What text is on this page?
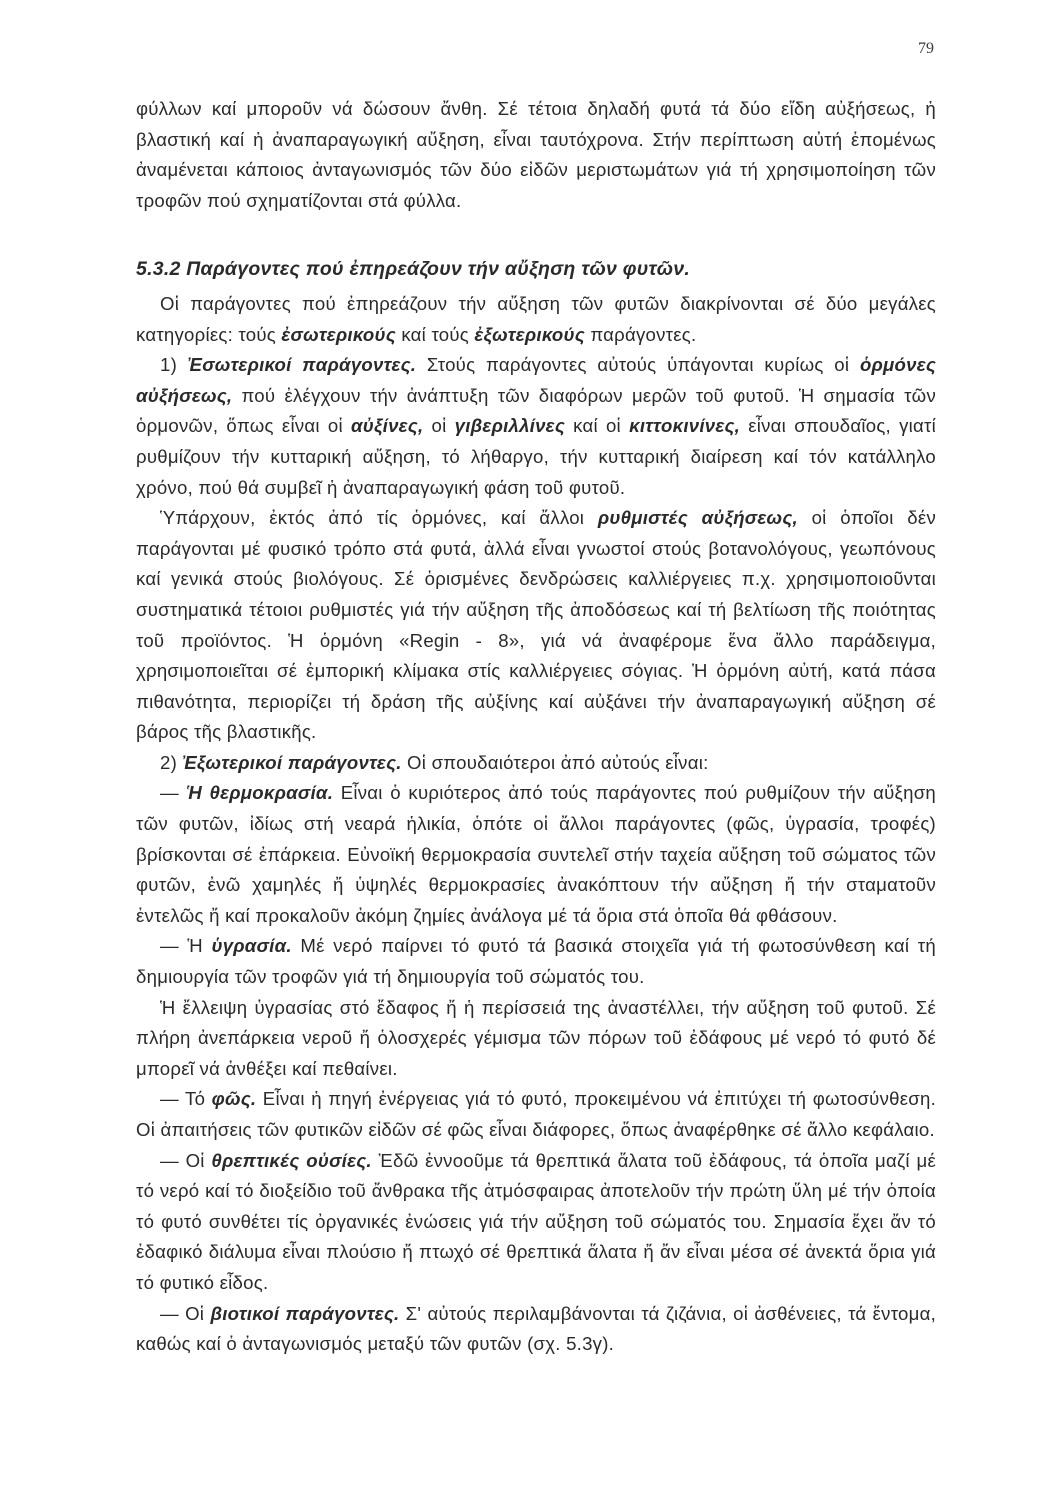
79

φύλλων καί μποροῦν νά δώσουν ἄνθη. Σέ τέτοια δηλαδή φυτά τά δύο εἴδη αὐξήσεως, ἡ βλαστική καί ἡ ἀναπαραγωγική αὔξηση, εἶναι ταυτόχρονα. Στήν περίπτωση αὐτή ἑπομένως ἀναμένεται κάποιος ἀνταγωνισμός τῶν δύο εἰδῶν μεριστωμάτων γιά τή χρησιμοποίηση τῶν τροφῶν πού σχηματίζονται στά φύλλα.

5.3.2 Παράγοντες πού ἐπηρεάζουν τήν αὔξηση τῶν φυτῶν.

Οἱ παράγοντες πού ἐπηρεάζουν τήν αὔξηση τῶν φυτῶν διακρίνονται σέ δύο μεγάλες κατηγορίες: τούς ἐσωτερικούς καί τούς ἐξωτερικούς παράγοντες.

1) Ἐσωτερικοί παράγοντες. Στούς παράγοντες αὐτούς ὑπάγονται κυρίως οἱ ὁρμόνες αὐξήσεως, πού ἐλέγχουν τήν ἀνάπτυξη τῶν διαφόρων μερῶν τοῦ φυτοῦ. Ἡ σημασία τῶν ὁρμονῶν, ὅπως εἶναι οἱ αὐξίνες, οἱ γιβεριλλίνες καί οἱ κιττοκινίνες, εἶναι σπουδαῖος, γιατί ρυθμίζουν τήν κυτταρική αὔξηση, τό λήθαργο, τήν κυτταρική διαίρεση καί τόν κατάλληλο χρόνο, πού θά συμβεῖ ἡ ἀναπαραγωγική φάση τοῦ φυτοῦ.

Ὑπάρχουν, ἐκτός ἀπό τίς ὁρμόνες, καί ἄλλοι ρυθμιστές αὐξήσεως, οἱ ὁποῖοι δέν παράγονται μέ φυσικό τρόπο στά φυτά, ἀλλά εἶναι γνωστοί στούς βοτανολόγους, γεωπόνους καί γενικά στούς βιολόγους. Σέ ὁρισμένες δενδρώσεις καλλιέργειες π.χ. χρησιμοποιοῦνται συστηματικά τέτοιοι ρυθμιστές γιά τήν αὔξηση τῆς ἀποδόσεως καί τή βελτίωση τῆς ποιότητας τοῦ προϊόντος. Ἡ ὁρμόνη «Regin - 8», γιά νά ἀναφέρομε ἕνα ἄλλο παράδειγμα, χρησιμοποιεῖται σέ ἐμπορική κλίμακα στίς καλλιέργειες σόγιας. Ἡ ὁρμόνη αὐτή, κατά πάσα πιθανότητα, περιορίζει τή δράση τῆς αὐξίνης καί αὐξάνει τήν ἀναπαραγωγική αὔξηση σέ βάρος τῆς βλαστικῆς.

2) Ἐξωτερικοί παράγοντες. Οἱ σπουδαιότεροι ἀπό αὐτούς εἶναι:

— Ἡ θερμοκρασία. Εἶναι ὁ κυριότερος ἀπό τούς παράγοντες πού ρυθμίζουν τήν αὔξηση τῶν φυτῶν, ἰδίως στή νεαρά ἡλικία, ὁπότε οἱ ἄλλοι παράγοντες (φῶς, ὑγρασία, τροφές) βρίσκονται σέ ἐπάρκεια. Εὐνοϊκή θερμοκρασία συντελεῖ στήν ταχεία αὔξηση τοῦ σώματος τῶν φυτῶν, ἐνῶ χαμηλές ἤ ὑψηλές θερμοκρασίες ἀνακόπτουν τήν αὔξηση ἤ τήν σταματοῦν ἐντελῶς ἤ καί προκαλοῦν ἀκόμη ζημίες ἀνάλογα μέ τά ὅρια στά ὁποῖα θά φθάσουν.

— Ἡ ὑγρασία. Μέ νερό παίρνει τό φυτό τά βασικά στοιχεῖα γιά τή φωτοσύνθεση καί τή δημιουργία τῶν τροφῶν γιά τή δημιουργία τοῦ σώματός του.

Ἡ ἔλλειψη ὑγρασίας στό ἔδαφος ἤ ἡ περίσσειά της ἀναστέλλει, τήν αὔξηση τοῦ φυτοῦ. Σέ πλήρη ἀνεπάρκεια νεροῦ ἤ ὁλοσχερές γέμισμα τῶν πόρων τοῦ ἐδάφους μέ νερό τό φυτό δέ μπορεῖ νά ἀνθέξει καί πεθαίνει.

— Τό φῶς. Εἶναι ἡ πηγή ἐνέργειας γιά τό φυτό, προκειμένου νά ἐπιτύχει τή φωτοσύνθεση. Οἱ ἀπαιτήσεις τῶν φυτικῶν εἰδῶν σέ φῶς εἶναι διάφορες, ὅπως ἀναφέρθηκε σέ ἄλλο κεφάλαιο.

— Οἱ θρεπτικές οὐσίες. Ἐδῶ ἐννοοῦμε τά θρεπτικά ἅλατα τοῦ ἐδάφους, τά ὁποῖα μαζί μέ τό νερό καί τό διοξείδιο τοῦ ἄνθρακα τῆς ἀτμόσφαιρας ἀποτελοῦν τήν πρώτη ὕλη μέ τήν ὁποία τό φυτό συνθέτει τίς ὀργανικές ἐνώσεις γιά τήν αὔξηση τοῦ σώματός του. Σημασία ἔχει ἄν τό ἐδαφικό διάλυμα εἶναι πλούσιο ἤ πτωχό σέ θρεπτικά ἅλατα ἤ ἄν εἶναι μέσα σέ ἀνεκτά ὅρια γιά τό φυτικό εἶδος.

— Οἱ βιοτικοί παράγοντες. Σ' αὐτούς περιλαμβάνονται τά ζιζάνια, οἱ ἀσθένειες, τά ἔντομα, καθώς καί ὁ ἀνταγωνισμός μεταξύ τῶν φυτῶν (σχ. 5.3γ).
